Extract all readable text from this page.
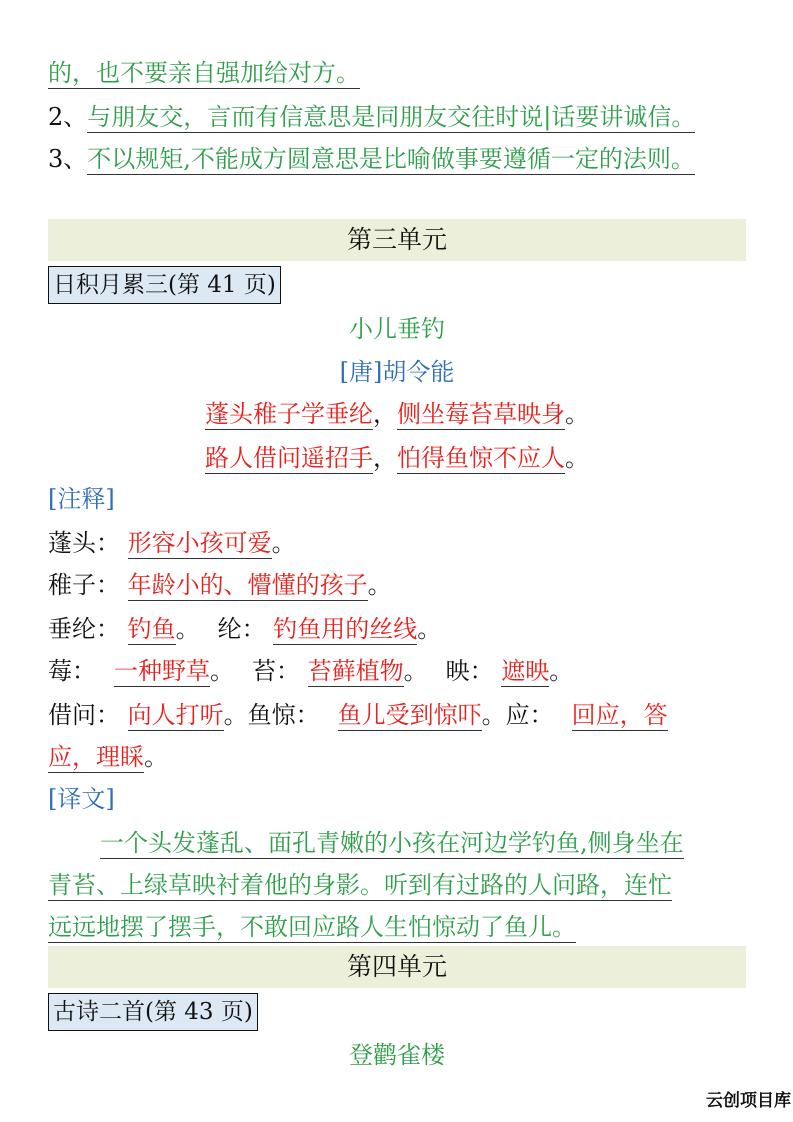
的，也不要亲自强加给对方。
2、与朋友交，言而有信意思是同朋友交往时说|话要讲诚信。
3、不以规矩,不能成方圆意思是比喻做事要遵循一定的法则。
第三单元
日积月累三(第 41 页)
小儿垂钓
[唐]胡令能
蓬头稚子学垂纶，侧坐莓苔草映身。
路人借问遥招手，怕得鱼惊不应人。
[注释]
蓬头： 形容小孩可爱。
稚子： 年龄小的、懵懂的孩子。
垂纶： 钓鱼。 纶： 钓鱼用的丝线。
莓： 一种野草。 苔： 苔藓植物。 映： 遮映。
借问： 向人打听。鱼惊： 鱼儿受到惊吓。应： 回应，答
应，理睬。
[译文]
一个头发蓬乱、面孔青嫩的小孩在河边学钓鱼,侧身坐在
青苔、上绿草映衬着他的身影。听到有过路的人问路，连忙
远远地摆了摆手，不敢回应路人生怕惊动了鱼儿。
第四单元
古诗二首(第 43 页)
登鹳雀楼
云创项目库
